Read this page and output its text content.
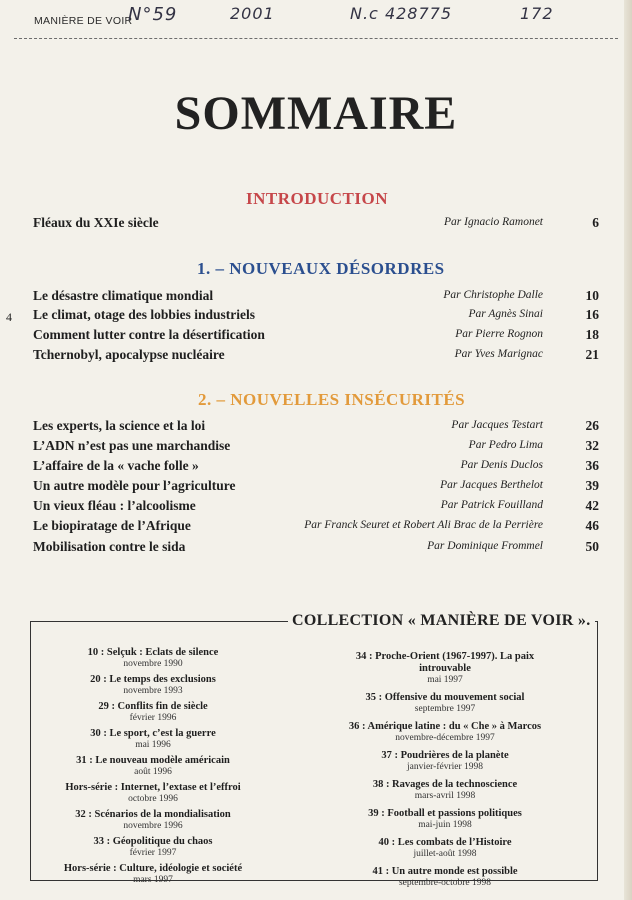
MANIÈRE DE VOIR
N°59	2001	N.c 428775	172
SOMMAIRE
4
INTRODUCTION
Fléaux du XXIe siècle	Par Ignacio Ramonet	6
1. – NOUVEAUX DÉSORDRES
Le désastre climatique mondial	Par Christophe Dalle	10
Le climat, otage des lobbies industriels	Par Agnès Sinai	16
Comment lutter contre la désertification	Par Pierre Rognon	18
Tchernobyl, apocalypse nucléaire	Par Yves Marignac	21
2. – NOUVELLES INSÉCURITÉS
Les experts, la science et la loi	Par Jacques Testart	26
L’ADN n’est pas une marchandise	Par Pedro Lima	32
L’affaire de la « vache folle »	Par Denis Duclos	36
Un autre modèle pour l’agriculture	Par Jacques Berthelot	39
Un vieux fléau : l’alcoolisme	Par Patrick Fouilland	42
Le biopiratage de l’Afrique	Par Franck Seuret et Robert Ali Brac de la Perrière	46
Mobilisation contre le sida	Par Dominique Frommel	50
COLLECTION « MANIÈRE DE VOIR ».
10 : Selçuk : Eclats de silence
novembre 1990
20 : Le temps des exclusions
novembre 1993
29 : Conflits fin de siècle
février 1996
30 : Le sport, c’est la guerre
mai 1996
31 : Le nouveau modèle américain
août 1996
Hors-série : Internet, l’extase et l’effroi
octobre 1996
32 : Scénarios de la mondialisation
novembre 1996
33 : Géopolitique du chaos
février 1997
Hors-série : Culture, idéologie et société
mars 1997
34 : Proche-Orient (1967-1997). La paix introuvable
mai 1997
35 : Offensive du mouvement social
septembre 1997
36 : Amérique latine : du « Che » à Marcos
novembre-décembre 1997
37 : Poudrières de la planète
janvier-février 1998
38 : Ravages de la technoscience
mars-avril 1998
39 : Football et passions politiques
mai-juin 1998
40 : Les combats de l’Histoire
juillet-août 1998
41 : Un autre monde est possible
septembre-octobre 1998
